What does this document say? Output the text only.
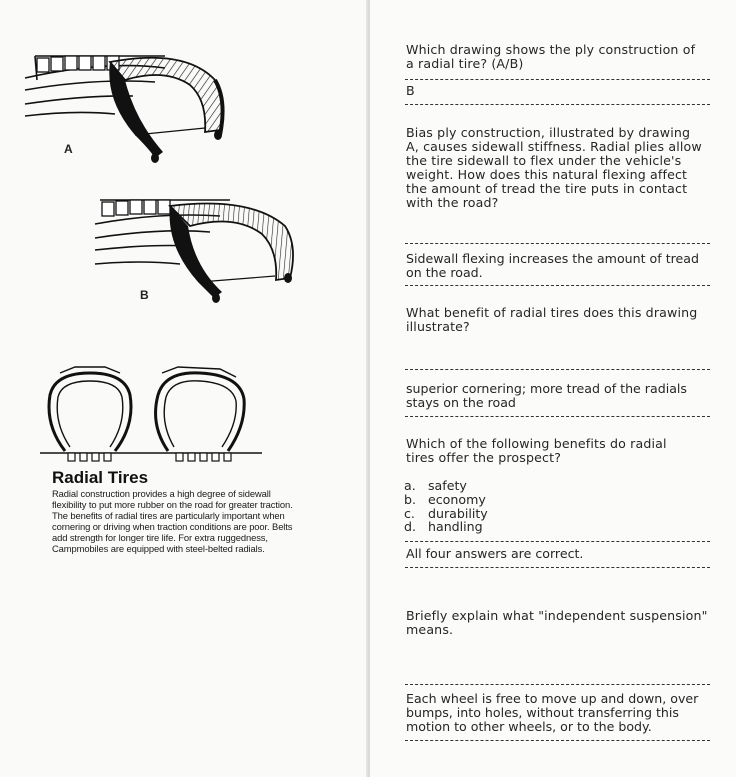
A
B
Radial Tires
Radial construction provides a high degree of sidewall flexibility to put more rubber on the road for greater traction. The benefits of radial tires are particularly important when cornering or driving when traction conditions are poor. Belts add strength for longer tire life. For extra ruggedness, Campmobiles are equipped with steel-belted radials.
Which drawing shows the ply construction of
a radial tire? (A/B)
B
Bias ply construction, illustrated by drawing
A, causes sidewall stiffness. Radial plies allow
the tire sidewall to flex under the vehicle's
weight. How does this natural flexing affect
the amount of tread the tire puts in contact
with the road?
Sidewall flexing increases the amount of tread
on the road.
What benefit of radial tires does this drawing
illustrate?
superior cornering; more tread of the radials
stays on the road
Which of the following benefits do radial
tires offer the prospect?
a. safety
b. economy
c. durability
d. handling
All four answers are correct.
Briefly explain what "independent suspension"
means.
Each wheel is free to move up and down, over
bumps, into holes, without transferring this
motion to other wheels, or to the body.
